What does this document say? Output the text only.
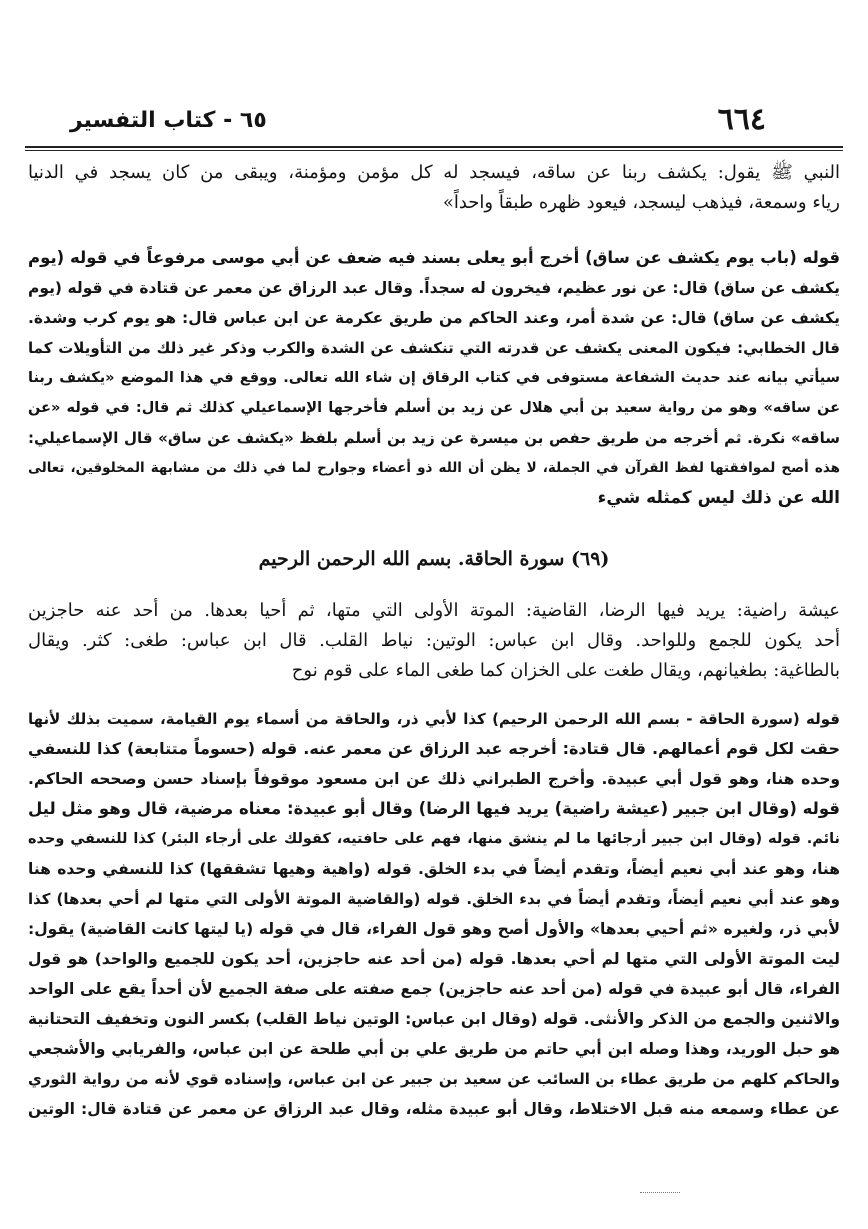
٦٦٤
٦٥ - كتاب التفسير
النبي ﷺ يقول: يكشف ربنا عن ساقه، فيسجد له كل مؤمن ومؤمنة، ويبقى من كان يسجد في الدنيا
رياء وسمعة، فيذهب ليسجد، فيعود ظهره طبقاً واحداً»
قوله (باب يوم يكشف عن ساق) أخرج أبو يعلى بسند فيه ضعف عن أبي موسى مرفوعاً في قوله (يوم
يكشف عن ساق) قال: عن نور عظيم، فيخرون له سجداً. وقال عبد الرزاق عن معمر عن قتادة في قوله (يوم
يكشف عن ساق) قال: عن شدة أمر، وعند الحاكم من طريق عكرمة عن ابن عباس قال: هو يوم كرب وشدة.
قال الخطابي: فيكون المعنى يكشف عن قدرته التي تنكشف عن الشدة والكرب وذكر غير ذلك من التأويلات كما
سيأتي بيانه عند حديث الشفاعة مستوفى في كتاب الرقاق إن شاء الله تعالى. ووقع في هذا الموضع «يكشف ربنا
عن ساقه» وهو من رواية سعيد بن أبي هلال عن زيد بن أسلم فأخرجها الإسماعيلي كذلك ثم قال: في قوله «عن
ساقه» نكرة. ثم أخرجه من طريق حفص بن ميسرة عن زيد بن أسلم بلفظ «يكشف عن ساق» قال الإسماعيلي:
هذه أصح لموافقتها لفظ القرآن في الجملة، لا يظن أن الله ذو أعضاء وجوارح لما في ذلك من مشابهة المخلوقين، تعالى
الله عن ذلك ليس كمثله شيء
(٦٩) سورة الحاقة. بسم الله الرحمن الرحيم
عيشة راضية: يريد فيها الرضا، القاضية: الموتة الأولى التي متها، ثم أحيا بعدها. من أحد عنه حاجزين
أحد يكون للجمع وللواحد. وقال ابن عباس: الوتين: نياط القلب. قال ابن عباس: طغى: كثر. ويقال
بالطاغية: بطغيانهم، ويقال طغت على الخزان كما طغى الماء على قوم نوح
قوله (سورة الحاقة - بسم الله الرحمن الرحيم) كذا لأبي ذر، والحاقة من أسماء يوم القيامة، سميت بذلك لأنها
حقت لكل قوم أعمالهم. قال قتادة: أخرجه عبد الرزاق عن معمر عنه. قوله (حسوماً متتابعة) كذا للنسفي
وحده هنا، وهو قول أبي عبيدة. وأخرج الطبراني ذلك عن ابن مسعود موقوفاً بإسناد حسن وصححه الحاكم.
قوله (وقال ابن جبير (عيشة راضية) يريد فيها الرضا) وقال أبو عبيدة: معناه مرضية، قال وهو مثل ليل
نائم. قوله (وقال ابن جبير أرجائها ما لم ينشق منها، فهم على حافتيه، كقولك على أرجاء البئر) كذا للنسفي وحده
هنا، وهو عند أبي نعيم أيضاً، وتقدم أيضاً في بدء الخلق. قوله (واهية وهيها تشققها) كذا للنسفي وحده هنا
وهو عند أبي نعيم أيضاً، وتقدم أيضاً في بدء الخلق. قوله (والقاضية الموتة الأولى التي متها لم أحي بعدها) كذا
لأبي ذر، ولغيره «ثم أحيي بعدها» والأول أصح وهو قول الفراء، قال في قوله (يا ليتها كانت القاضية) يقول:
ليت الموتة الأولى التي متها لم أحي بعدها. قوله (من أحد عنه حاجزين، أحد يكون للجميع والواحد) هو قول
الفراء، قال أبو عبيدة في قوله (من أحد عنه حاجزين) جمع صفته على صفة الجميع لأن أحداً يقع على الواحد
والاثنين والجمع من الذكر والأنثى. قوله (وقال ابن عباس: الوتين نياط القلب) بكسر النون وتخفيف التحتانية
هو حبل الوريد، وهذا وصله ابن أبي حاتم من طريق علي بن أبي طلحة عن ابن عباس، والفريابي والأشجعي
والحاكم كلهم من طريق عطاء بن السائب عن سعيد بن جبير عن ابن عباس، وإسناده قوي لأنه من رواية الثوري
عن عطاء وسمعه منه قبل الاختلاط، وقال أبو عبيدة مثله، وقال عبد الرزاق عن معمر عن قتادة قال: الوتين
